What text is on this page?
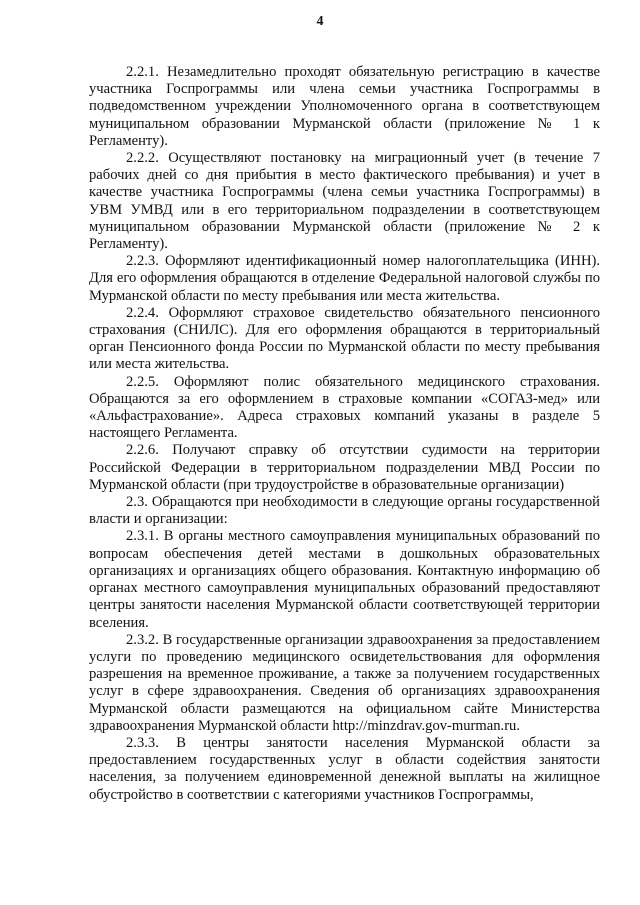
4

2.2.1. Незамедлительно проходят обязательную регистрацию в качестве участника Госпрограммы или члена семьи участника Госпрограммы в подведомственном учреждении Уполномоченного органа в соответствующем муниципальном образовании Мурманской области (приложение № 1 к Регламенту).

2.2.2. Осуществляют постановку на миграционный учет (в течение 7 рабочих дней со дня прибытия в место фактического пребывания) и учет в качестве участника Госпрограммы (члена семьи участника Госпрограммы) в УВМ УМВД или в его территориальном подразделении в соответствующем муниципальном образовании Мурманской области (приложение № 2 к Регламенту).

2.2.3. Оформляют идентификационный номер налогоплательщика (ИНН). Для его оформления обращаются в отделение Федеральной налоговой службы по Мурманской области по месту пребывания или места жительства.

2.2.4. Оформляют страховое свидетельство обязательного пенсионного страхования (СНИЛС). Для его оформления обращаются в территориальный орган Пенсионного фонда России по Мурманской области по месту пребывания или места жительства.

2.2.5. Оформляют полис обязательного медицинского страхования. Обращаются за его оформлением в страховые компании «СОГАЗ-мед» или «Альфастрахование». Адреса страховых компаний указаны в разделе 5 настоящего Регламента.

2.2.6. Получают справку об отсутствии судимости на территории Российской Федерации в территориальном подразделении МВД России по Мурманской области (при трудоустройстве в образовательные организации)

2.3. Обращаются при необходимости в следующие органы государственной власти и организации:

2.3.1. В органы местного самоуправления муниципальных образований по вопросам обеспечения детей местами в дошкольных образовательных организациях и организациях общего образования. Контактную информацию об органах местного самоуправления муниципальных образований предоставляют центры занятости населения Мурманской области соответствующей территории вселения.

2.3.2. В государственные организации здравоохранения за предоставлением услуги по проведению медицинского освидетельствования для оформления разрешения на временное проживание, а также за получением государственных услуг в сфере здравоохранения. Сведения об организациях здравоохранения Мурманской области размещаются на официальном сайте Министерства здравоохранения Мурманской области http://minzdrav.gov-murman.ru.

2.3.3. В центры занятости населения Мурманской области за предоставлением государственных услуг в области содействия занятости населения, за получением единовременной денежной выплаты на жилищное обустройство в соответствии с категориями участников Госпрограммы,
